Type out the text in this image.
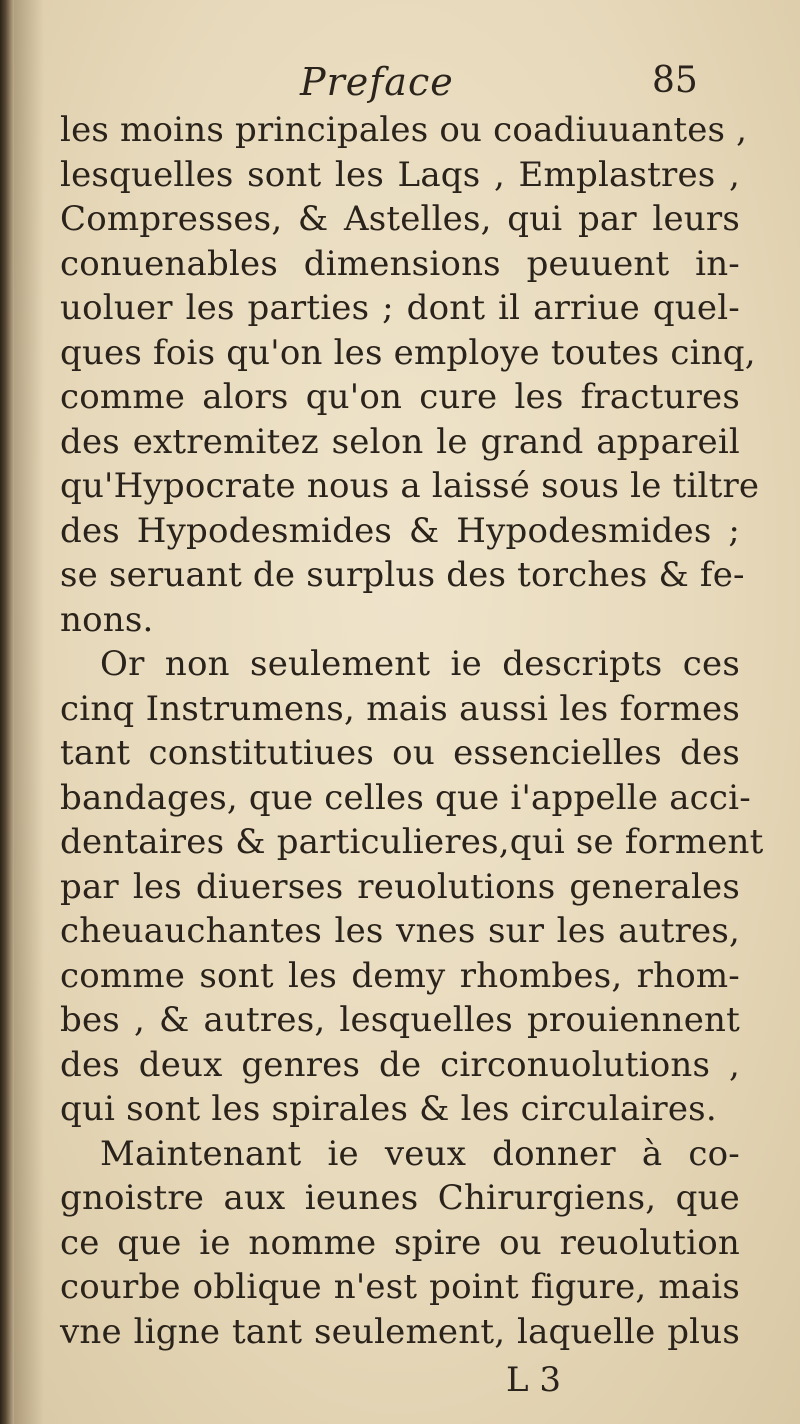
Preface	85
les moins principales ou coadiuuantes ,
lesquelles sont les Laqs , Emplastres ,
Compresses, & Astelles, qui par leurs
conuenables dimensions peuuent in-
uoluer les parties ; dont il arriue quel-
ques fois qu'on les employe toutes cinq,
comme alors qu'on cure les fractures
des extremitez selon le grand appareil
qu'Hypocrate nous a laissé sous le tiltre
des Hypodesmides & Hypodesmides ;
se seruant de surplus des torches & fe-
nons.
Or non seulement ie descripts ces
cinq Instrumens, mais aussi les formes
tant constitutiues ou essencielles des
bandages, que celles que i'appelle acci-
dentaires & particulieres,qui se forment
par les diuerses reuolutions generales
cheuauchantes les vnes sur les autres,
comme sont les demy rhombes, rhom-
bes , & autres, lesquelles prouiennent
des deux genres de circonuolutions ,
qui sont les spirales & les circulaires.
Maintenant ie veux donner à co-
gnoistre aux ieunes Chirurgiens, que
ce que ie nomme spire ou reuolution
courbe oblique n'est point figure, mais
vne ligne tant seulement, laquelle plus
L 3
